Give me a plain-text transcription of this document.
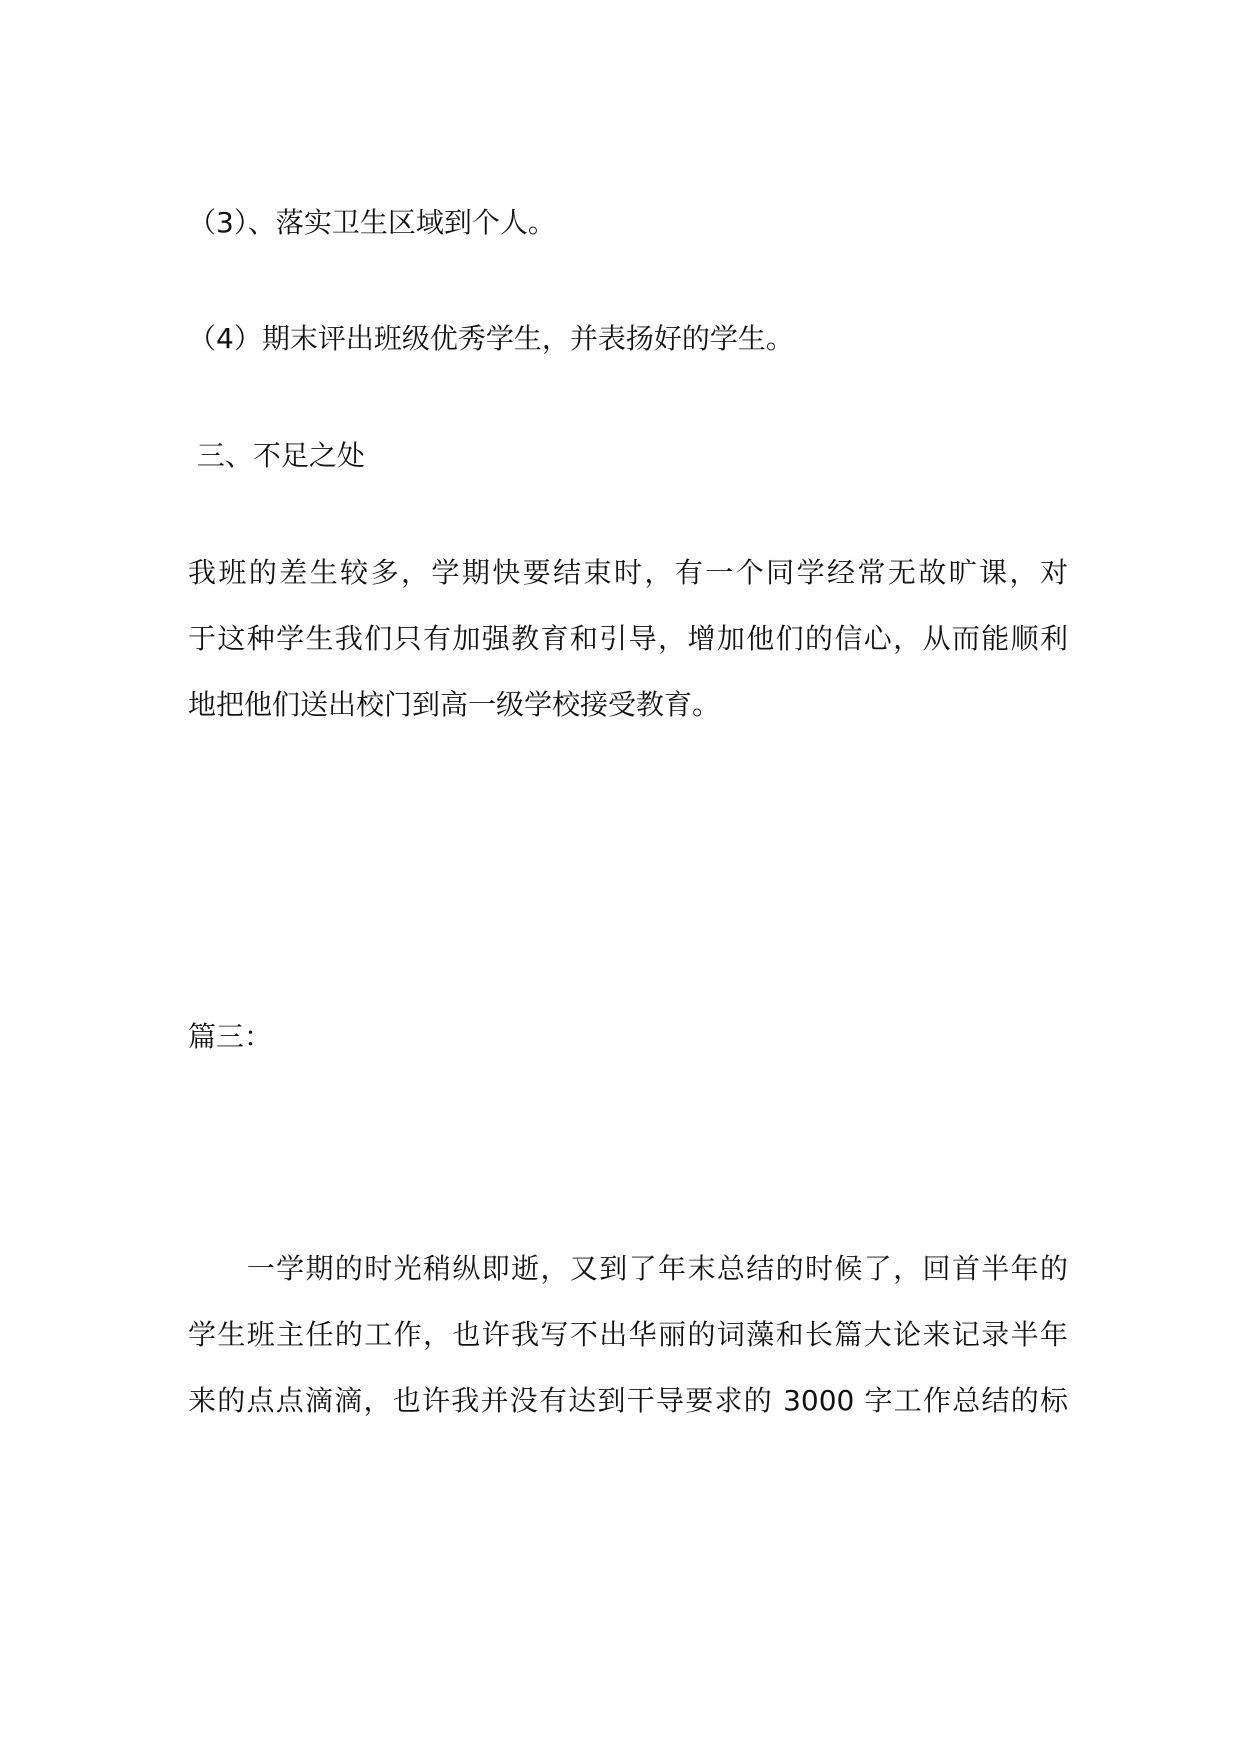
（3）、落实卫生区域到个人。
（4）期末评出班级优秀学生，并表扬好的学生。
三、不足之处
我班的差生较多，学期快要结束时，有一个同学经常无故旷课，对
于这种学生我们只有加强教育和引导，增加他们的信心，从而能顺利
地把他们送出校门到高一级学校接受教育。
篇三：
　　一学期的时光稍纵即逝，又到了年末总结的时候了，回首半年的
学生班主任的工作，也许我写不出华丽的词藻和长篇大论来记录半年
来的点点滴滴，也许我并没有达到干导要求的 3000 字工作总结的标
